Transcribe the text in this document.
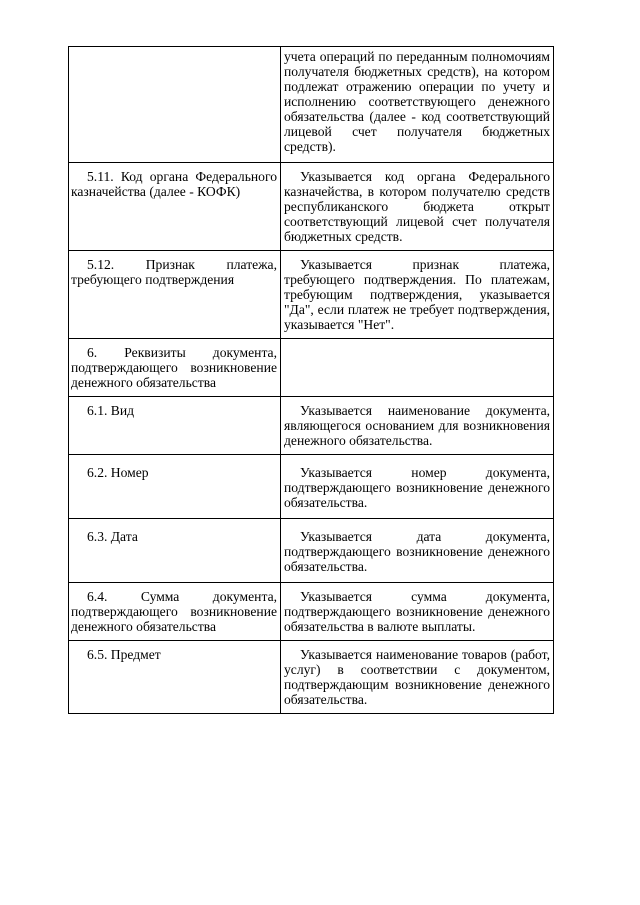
	учета операций по переданным полномочиям получателя бюджетных средств), на котором подлежат отражению операции по учету и исполнению соответствующего денежного обязательства (далее - код соответствующий лицевой счет получателя бюджетных средств).

5.11. Код органа Федерального казначейства (далее - КОФК)	Указывается код органа Федерального казначейства, в котором получателю средств республиканского бюджета открыт соответствующий лицевой счет получателя бюджетных средств.

5.12. Признак платежа, требующего подтверждения	Указывается признак платежа, требующего подтверждения. По платежам, требующим подтверждения, указывается "Да", если платеж не требует подтверждения, указывается "Нет".

6. Реквизиты документа, подтверждающего возникновение денежного обязательства	

6.1. Вид	Указывается наименование документа, являющегося основанием для возникновения денежного обязательства.

6.2. Номер	Указывается номер документа, подтверждающего возникновение денежного обязательства.

6.3. Дата	Указывается дата документа, подтверждающего возникновение денежного обязательства.

6.4. Сумма документа, подтверждающего возникновение денежного обязательства	Указывается сумма документа, подтверждающего возникновение денежного обязательства в валюте выплаты.

6.5. Предмет	Указывается наименование товаров (работ, услуг) в соответствии с документом, подтверждающим возникновение денежного обязательства.
